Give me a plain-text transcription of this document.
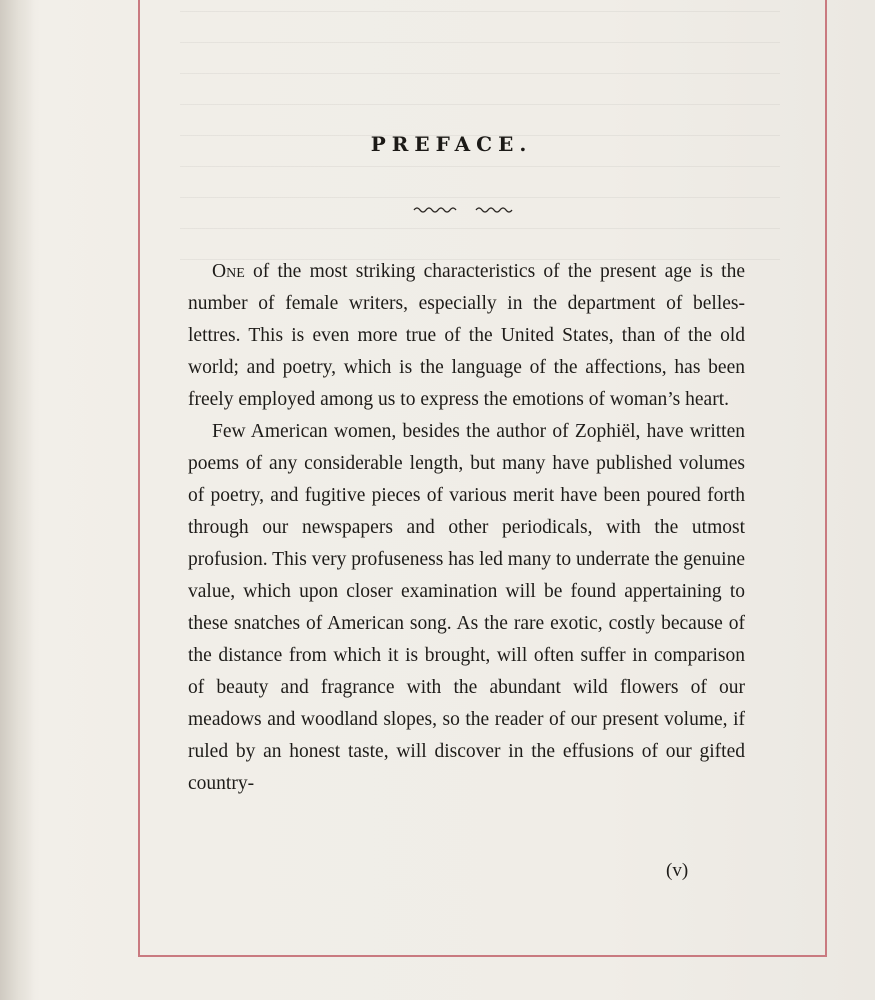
PREFACE.

One of the most striking characteristics of the present age is the number of female writers, especially in the department of belles-lettres. This is even more true of the United States, than of the old world; and poetry, which is the language of the affections, has been freely employed among us to express the emotions of woman’s heart.

Few American women, besides the author of Zophiël, have written poems of any considerable length, but many have published volumes of poetry, and fugitive pieces of various merit have been poured forth through our newspapers and other periodicals, with the utmost profusion. This very profuseness has led many to underrate the genuine value, which upon closer examination will be found appertaining to these snatches of American song. As the rare exotic, costly because of the distance from which it is brought, will often suffer in comparison of beauty and fragrance with the abundant wild flowers of our meadows and woodland slopes, so the reader of our present volume, if ruled by an honest taste, will discover in the effusions of our gifted country-

(v)
